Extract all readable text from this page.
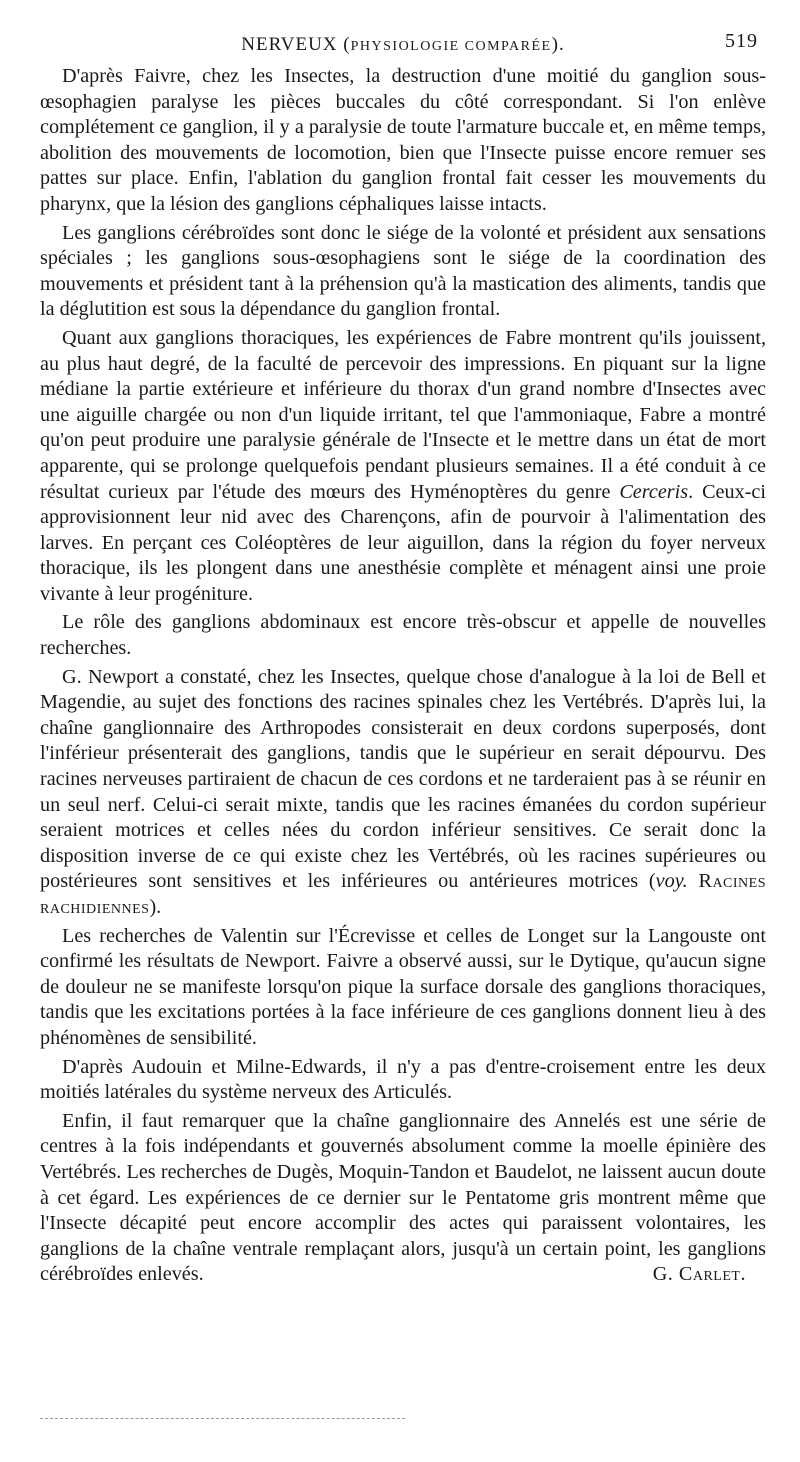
NERVEUX (PHYSIOLOGIE COMPARÉE).	519

D'après Faivre, chez les Insectes, la destruction d'une moitié du ganglion sous-œsophagien paralyse les pièces buccales du côté correspondant. Si l'on enlève complétement ce ganglion, il y a paralysie de toute l'armature buccale et, en même temps, abolition des mouvements de locomotion, bien que l'Insecte puisse encore remuer ses pattes sur place. Enfin, l'ablation du ganglion frontal fait cesser les mouvements du pharynx, que la lésion des ganglions céphaliques laisse intacts.

Les ganglions cérébroïdes sont donc le siége de la volonté et président aux sensations spéciales ; les ganglions sous-œsophagiens sont le siége de la coordination des mouvements et président tant à la préhension qu'à la mastication des aliments, tandis que la déglutition est sous la dépendance du ganglion frontal.

Quant aux ganglions thoraciques, les expériences de Fabre montrent qu'ils jouissent, au plus haut degré, de la faculté de percevoir des impressions. En piquant sur la ligne médiane la partie extérieure et inférieure du thorax d'un grand nombre d'Insectes avec une aiguille chargée ou non d'un liquide irritant, tel que l'ammoniaque, Fabre a montré qu'on peut produire une paralysie générale de l'Insecte et le mettre dans un état de mort apparente, qui se prolonge quelquefois pendant plusieurs semaines. Il a été conduit à ce résultat curieux par l'étude des mœurs des Hyménoptères du genre Cerceris. Ceux-ci approvisionnent leur nid avec des Charençons, afin de pourvoir à l'alimentation des larves. En perçant ces Coléoptères de leur aiguillon, dans la région du foyer nerveux thoracique, ils les plongent dans une anesthésie complète et ménagent ainsi une proie vivante à leur progéniture.

Le rôle des ganglions abdominaux est encore très-obscur et appelle de nouvelles recherches.

G. Newport a constaté, chez les Insectes, quelque chose d'analogue à la loi de Bell et Magendie, au sujet des fonctions des racines spinales chez les Vertébrés. D'après lui, la chaîne ganglionnaire des Arthropodes consisterait en deux cordons superposés, dont l'inférieur présenterait des ganglions, tandis que le supérieur en serait dépourvu. Des racines nerveuses partiraient de chacun de ces cordons et ne tarderaient pas à se réunir en un seul nerf. Celui-ci serait mixte, tandis que les racines émanées du cordon supérieur seraient motrices et celles nées du cordon inférieur sensitives. Ce serait donc la disposition inverse de ce qui existe chez les Vertébrés, où les racines supérieures ou postérieures sont sensitives et les inférieures ou antérieures motrices (voy. Racines rachidiennes).

Les recherches de Valentin sur l'Écrevisse et celles de Longet sur la Langouste ont confirmé les résultats de Newport. Faivre a observé aussi, sur le Dytique, qu'aucun signe de douleur ne se manifeste lorsqu'on pique la surface dorsale des ganglions thoraciques, tandis que les excitations portées à la face inférieure de ces ganglions donnent lieu à des phénomènes de sensibilité.

D'après Audouin et Milne-Edwards, il n'y a pas d'entre-croisement entre les deux moitiés latérales du système nerveux des Articulés.

Enfin, il faut remarquer que la chaîne ganglionnaire des Annelés est une série de centres à la fois indépendants et gouvernés absolument comme la moelle épinière des Vertébrés. Les recherches de Dugès, Moquin-Tandon et Baudelot, ne laissent aucun doute à cet égard. Les expériences de ce dernier sur le Pentatome gris montrent même que l'Insecte décapité peut encore accomplir des actes qui paraissent volontaires, les ganglions de la chaîne ventrale remplaçant alors, jusqu'à un certain point, les ganglions cérébroïdes enlevés.	G. Carlet.
